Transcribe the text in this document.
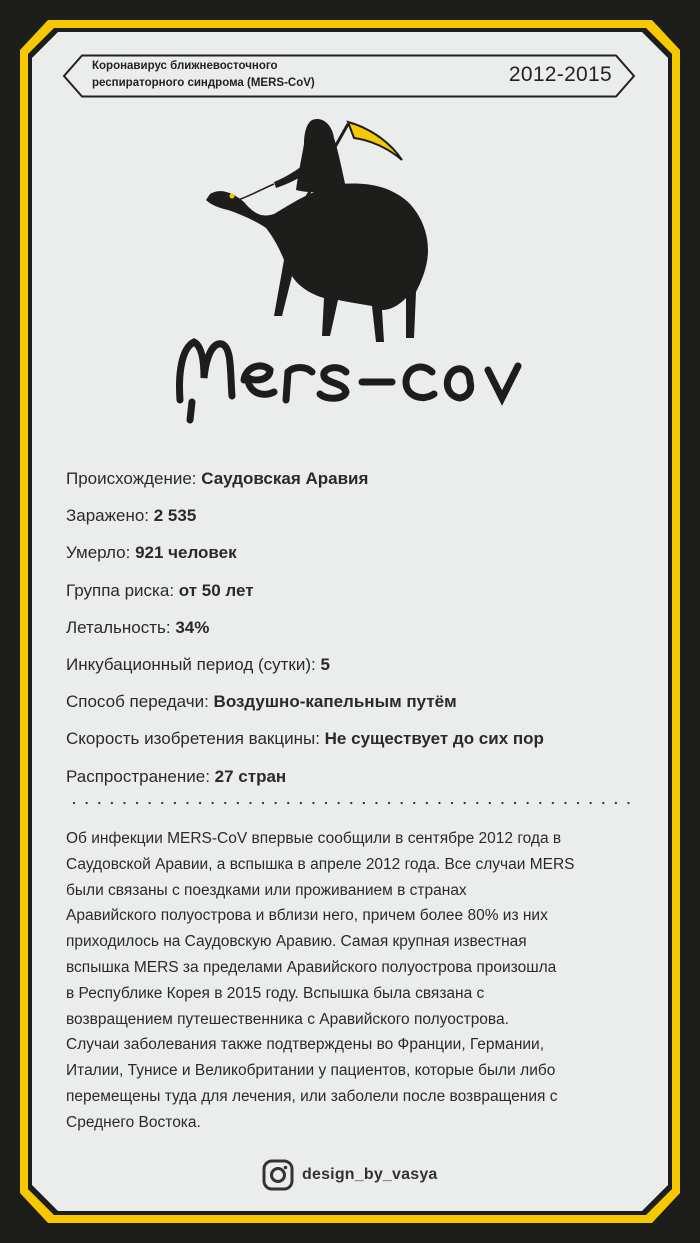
Коронавирус ближневосточного
респираторного синдрома (MERS-CoV)	2012-2015
Происхождение: Саудовская Аравия
Заражено: 2 535
Умерло: 921 человек
Группа риска: от 50 лет
Летальность: 34%
Инкубационный период (сутки): 5
Способ передачи: Воздушно-капельным путём
Скорость изобретения вакцины: Не существует до сих пор
Распространение: 27 стран
Об инфекции MERS-CoV впервые сообщили в сентябре 2012 года в
Саудовской Аравии, а вспышка в апреле 2012 года. Все случаи MERS
были связаны с поездками или проживанием в странах
Аравийского полуострова и вблизи него, причем более 80% из них
приходилось на Саудовскую Аравию. Самая крупная известная
вспышка MERS за пределами Аравийского полуострова произошла
в Республике Корея в 2015 году. Вспышка была связана с
возвращением путешественника с Аравийского полуострова.
Случаи заболевания также подтверждены во Франции, Германии,
Италии, Тунисе и Великобритании у пациентов, которые были либо
перемещены туда для лечения, или заболели после возвращения с
Среднего Востока.
design_by_vasya
